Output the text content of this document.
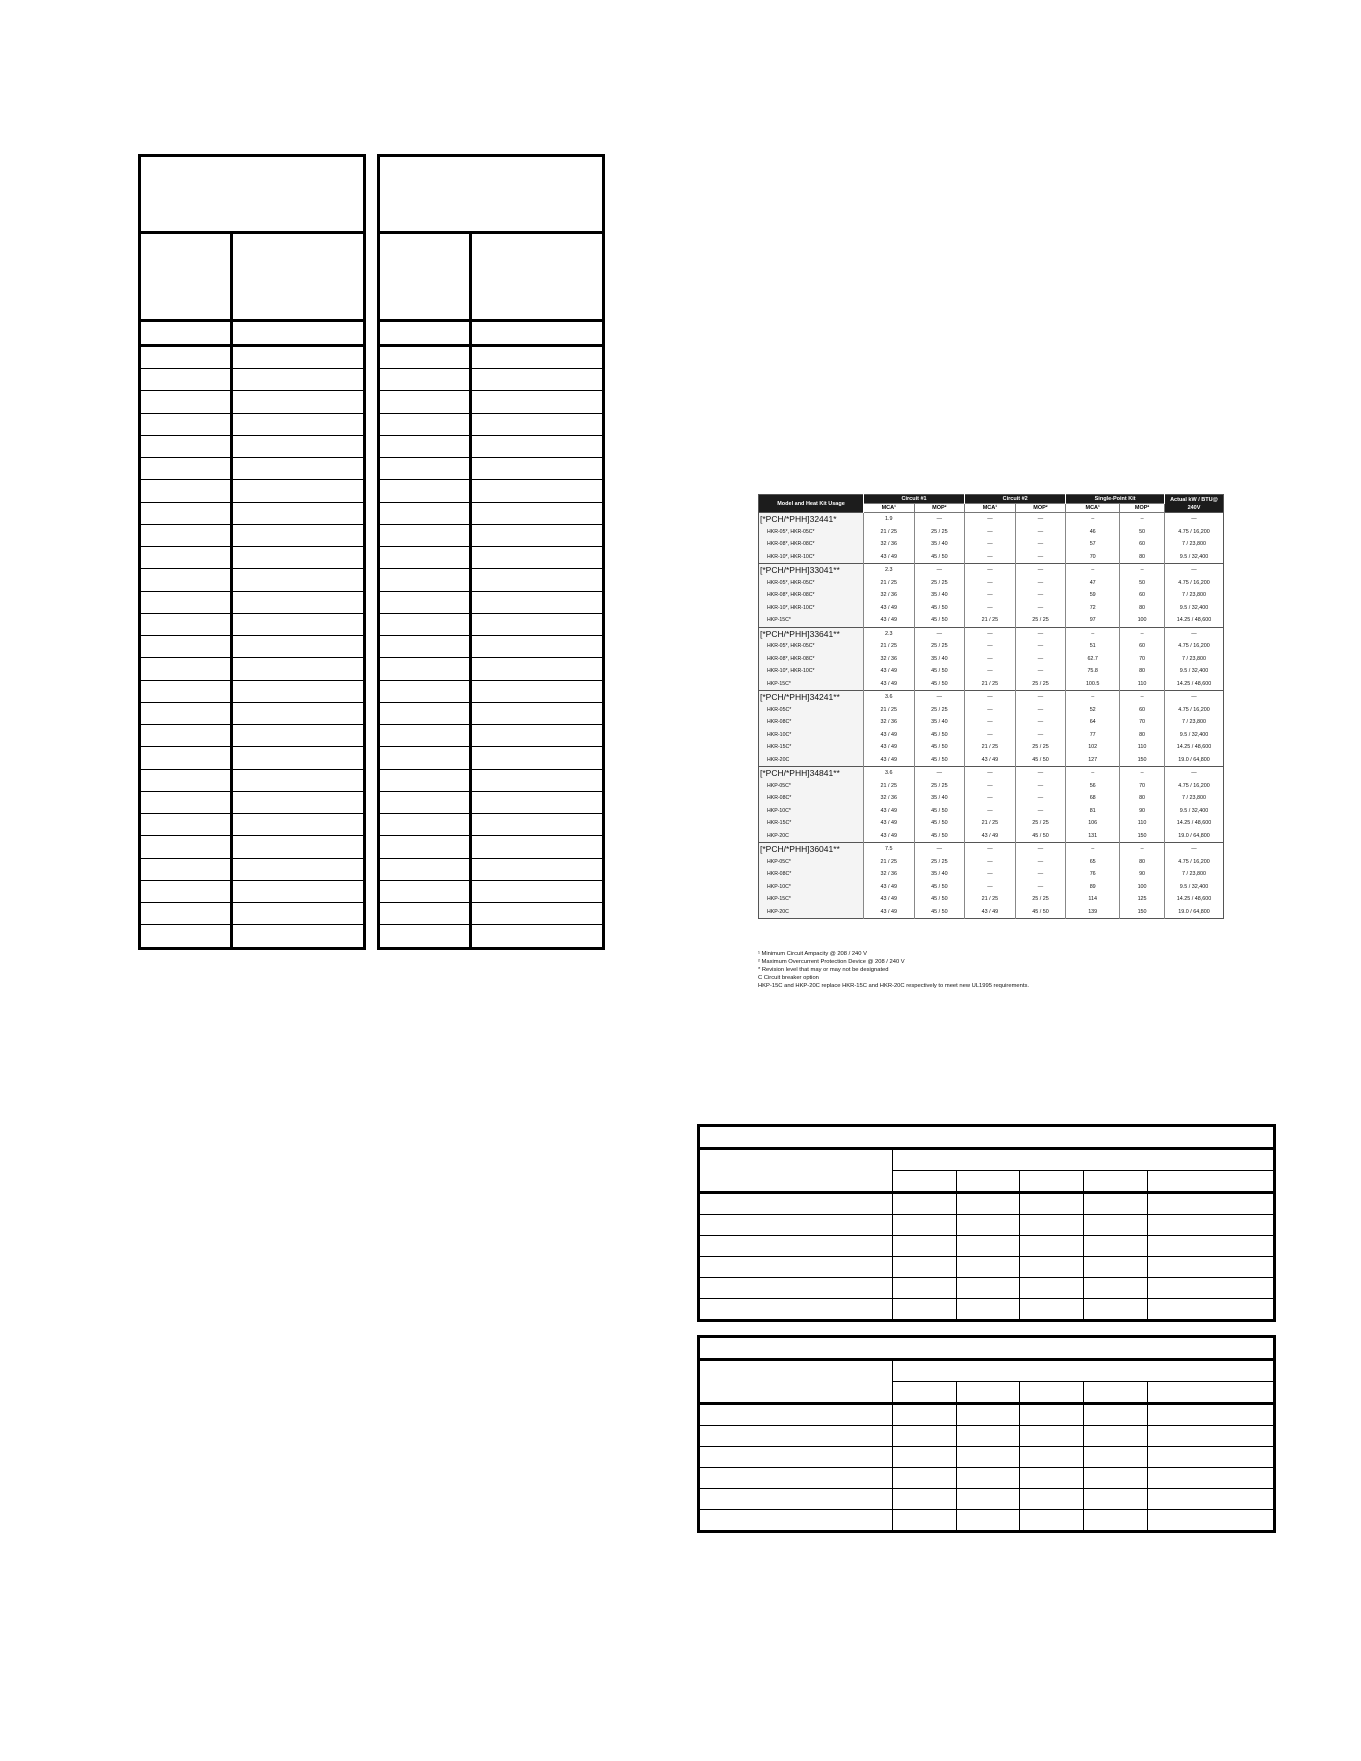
Model and Heat Kit Usage	Circuit #1		Circuit #2		Single-Point Kit		Actual kW / BTU@ 240V
	MCA¹	MOP²	MCA¹	MOP²	MCA¹	MOP²	
[*PCH/*PHH]32441*	1.9	—	—	—	–	–	—
HKR-05*, HKR-05C*	21 / 25	25 / 25	—	—	46	50	4.75 / 16,200
HKR-08*, HKR-08C*	32 / 36	35 / 40	—	—	57	60	7 / 23,800
HKR-10*, HKR-10C*	43 / 49	45 / 50	—	—	70	80	9.5 / 32,400
[*PCH/*PHH]33041**	2.3	—	—	—	–	–	—
HKR-05*, HKR-05C*	21 / 25	25 / 25	—	—	47	50	4.75 / 16,200
HKR-08*, HKR-08C*	32 / 36	35 / 40	—	—	59	60	7 / 23,800
HKR-10*, HKR-10C*	43 / 49	45 / 50	—	—	72	80	9.5 / 32,400
HKP-15C*	43 / 49	45 / 50	21 / 25	25 / 25	97	100	14.25 / 48,600
[*PCH/*PHH]33641**	2.3	—	—	—	–	–	—
HKR-05*, HKR-05C*	21 / 25	25 / 25	—	—	51	60	4.75 / 16,200
HKR-08*, HKR-08C*	32 / 36	35 / 40	—	—	62.7	70	7 / 23,800
HKR-10*, HKR-10C*	43 / 49	45 / 50	—	—	75.8	80	9.5 / 32,400
HKP-15C*	43 / 49	45 / 50	21 / 25	25 / 25	100.5	110	14.25 / 48,600
[*PCH/*PHH]34241**	3.6	—	—	—	–	–	—
HKR-05C*	21 / 25	25 / 25	—	—	52	60	4.75 / 16,200
HKR-08C*	32 / 36	35 / 40	—	—	64	70	7 / 23,800
HKR-10C*	43 / 49	45 / 50	—	—	77	80	9.5 / 32,400
HKR-15C*	43 / 49	45 / 50	21 / 25	25 / 25	102	110	14.25 / 48,600
HKR-20C	43 / 49	45 / 50	43 / 49	45 / 50	127	150	19.0 / 64,800
[*PCH/*PHH]34841**	3.6	—	—	—	–	–	—
HKP-05C*	21 / 25	25 / 25	—	—	56	70	4.75 / 16,200
HKR-08C*	32 / 36	35 / 40	—	—	68	80	7 / 23,800
HKP-10C*	43 / 49	45 / 50	—	—	81	90	9.5 / 32,400
HKR-15C*	43 / 49	45 / 50	21 / 25	25 / 25	106	110	14.25 / 48,600
HKP-20C	43 / 49	45 / 50	43 / 49	45 / 50	131	150	19.0 / 64,800
[*PCH/*PHH]36041**	7.5	—	—	—	–	–	—
HKP-05C*	21 / 25	25 / 25	—	—	65	80	4.75 / 16,200
HKR-08C*	32 / 36	35 / 40	—	—	76	90	7 / 23,800
HKP-10C*	43 / 49	45 / 50	—	—	89	100	9.5 / 32,400
HKP-15C*	43 / 49	45 / 50	21 / 25	25 / 25	114	125	14.25 / 48,600
HKP-20C	43 / 49	45 / 50	43 / 49	45 / 50	139	150	19.0 / 64,800
¹ Minimum Circuit Ampacity @ 208 / 240 V
² Maximum Overcurrent Protection Device @ 208 / 240 V
* Revision level that may or may not be designated
C Circuit breaker option
HKP-15C and HKP-20C replace HKR-15C and HKR-20C respectively to meet new UL1995 requirements.
